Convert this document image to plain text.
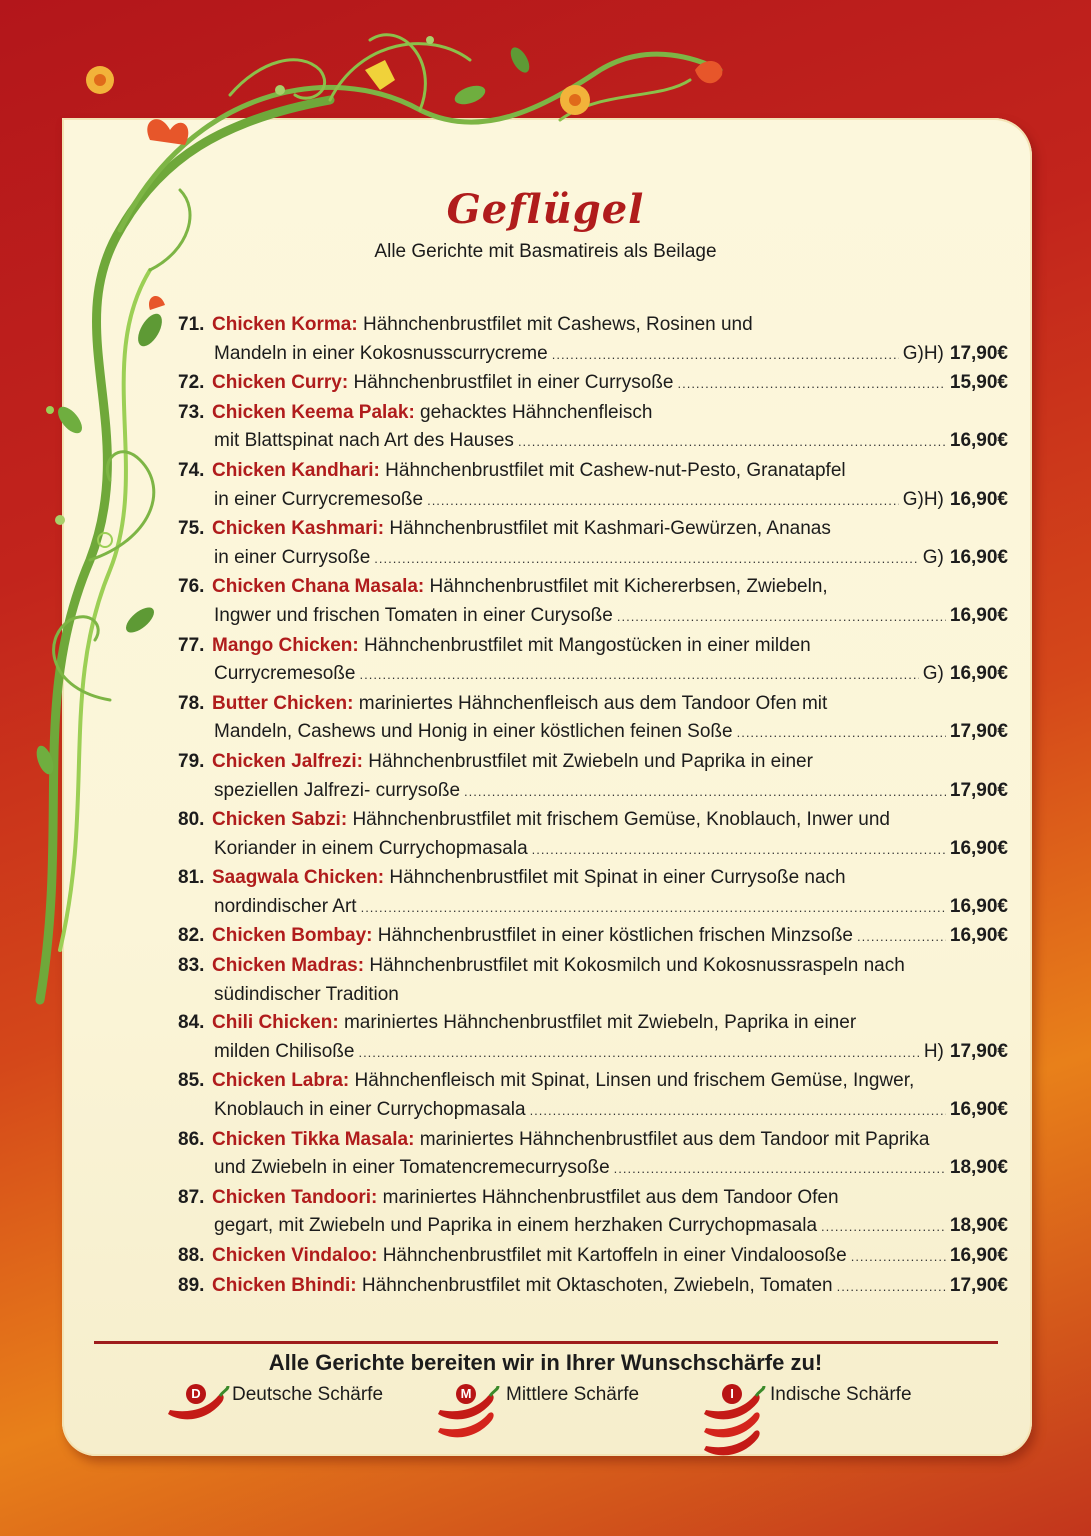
Geflügel
Alle Gerichte mit Basmatireis als Beilage
71. Chicken Korma: Hähnchenbrustfilet mit Cashews, Rosinen und
Mandeln in einer Kokosnusscurrycreme .....	G)H) 17,90€
72. Chicken Curry:
Hähnchenbrustfilet in einer Currysoße .....	15,90€
73. Chicken Keema Palak: gehacktes Hähnchenfleisch
mit Blattspinat nach Art des Hauses .....	16,90€
74. Chicken Kandhari: Hähnchenbrustfilet mit Cashew-nut-Pesto, Granatapfel
in einer Currycremesoße .....	G)H) 16,90€
75. Chicken Kashmari: Hähnchenbrustfilet mit Kashmari-Gewürzen, Ananas
in einer Currysoße .....	G) 16,90€
76. Chicken Chana Masala: Hähnchenbrustfilet mit Kichererbsen, Zwiebeln,
Ingwer und frischen Tomaten in einer Curysoße .....	16,90€
77. Mango Chicken: Hähnchenbrustfilet mit Mangostücken in einer milden
Currycremesoße .....	G) 16,90€
78. Butter Chicken: mariniertes Hähnchenfleisch aus dem Tandoor Ofen mit
Mandeln, Cashews und Honig in einer köstlichen feinen Soße .....	17,90€
79. Chicken Jalfrezi: Hähnchenbrustfilet mit Zwiebeln und Paprika in einer
speziellen Jalfrezi- currysoße .....	17,90€
80. Chicken Sabzi: Hähnchenbrustfilet mit frischem Gemüse, Knoblauch, Inwer und
Koriander in einem Currychopmasala .....	16,90€
81. Saagwala Chicken: Hähnchenbrustfilet mit Spinat in einer Currysoße nach
nordindischer Art .....	16,90€
82. Chicken Bombay:
Hähnchenbrustfilet in einer köstlichen frischen Minzsoße .....	16,90€
83. Chicken Madras: Hähnchenbrustfilet mit Kokosmilch und Kokosnussraspeln nach
südindischer Tradition
84. Chili Chicken: mariniertes Hähnchenbrustfilet mit Zwiebeln, Paprika in einer
milden Chilisoße .....	H) 17,90€
85. Chicken Labra: Hähnchenfleisch mit Spinat, Linsen und frischem Gemüse, Ingwer,
Knoblauch in einer Currychopmasala .....	16,90€
86. Chicken Tikka Masala: mariniertes Hähnchenbrustfilet aus dem Tandoor mit Paprika
und Zwiebeln in einer Tomatencremecurrysoße .....	18,90€
87. Chicken Tandoori: mariniertes Hähnchenbrustfilet aus dem Tandoor Ofen
gegart, mit Zwiebeln und Paprika in einem herzhaken Currychopmasala .....	18,90€
88. Chicken Vindaloo:
Hähnchenbrustfilet mit Kartoffeln in einer Vindaloosoße .....	16,90€
89. Chicken Bhindi:
Hähnchenbrustfilet mit Oktaschoten, Zwiebeln, Tomaten .....	17,90€
Alle Gerichte bereiten wir in Ihrer Wunschschärfe zu!
D Deutsche Schärfe	M Mittlere Schärfe	I	Indische Schärfe
